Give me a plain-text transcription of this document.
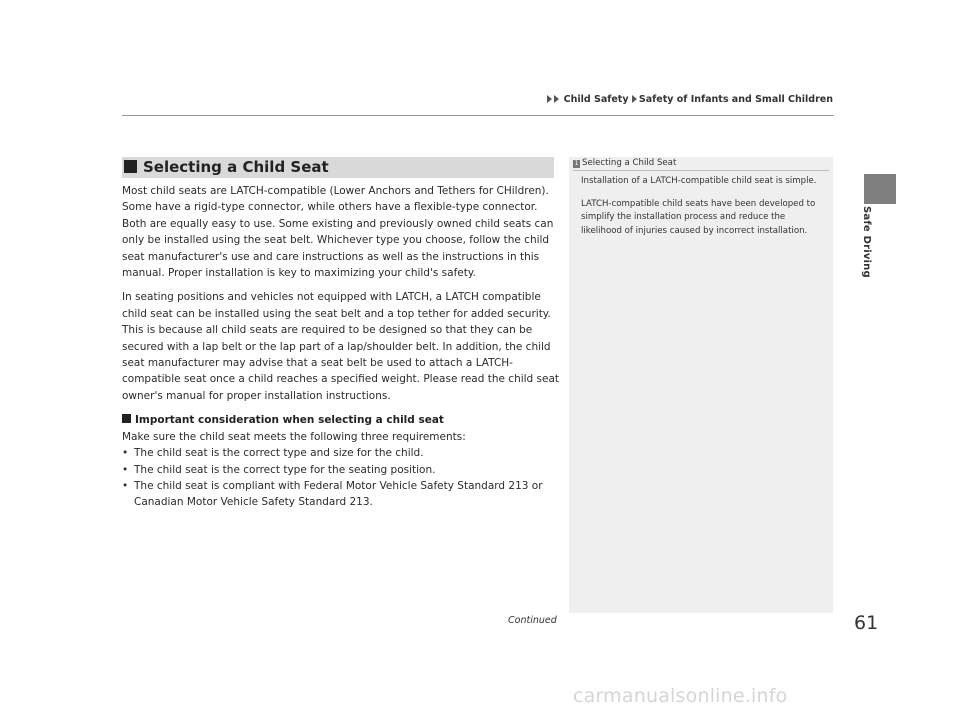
Child Safety Safety of Infants and Small Children
Safe Driving
Selecting a Child Seat

Most child seats are LATCH-compatible (Lower Anchors and Tethers for CHildren). Some have a rigid-type connector, while others have a flexible-type connector. Both are equally easy to use. Some existing and previously owned child seats can only be installed using the seat belt. Whichever type you choose, follow the child seat manufacturer's use and care instructions as well as the instructions in this manual. Proper installation is key to maximizing your child's safety.

In seating positions and vehicles not equipped with LATCH, a LATCH compatible child seat can be installed using the seat belt and a top tether for added security. This is because all child seats are required to be designed so that they can be secured with a lap belt or the lap part of a lap/shoulder belt. In addition, the child seat manufacturer may advise that a seat belt be used to attach a LATCH-compatible seat once a child reaches a specified weight. Please read the child seat owner's manual for proper installation instructions.

Important consideration when selecting a child seat
Make sure the child seat meets the following three requirements:
• The child seat is the correct type and size for the child.
• The child seat is the correct type for the seating position.
• The child seat is compliant with Federal Motor Vehicle Safety Standard 213 or Canadian Motor Vehicle Safety Standard 213.
1 Selecting a Child Seat

Installation of a LATCH-compatible child seat is simple.

LATCH-compatible child seats have been developed to simplify the installation process and reduce the likelihood of injuries caused by incorrect installation.

Continued	61
carmanualsonline.info
